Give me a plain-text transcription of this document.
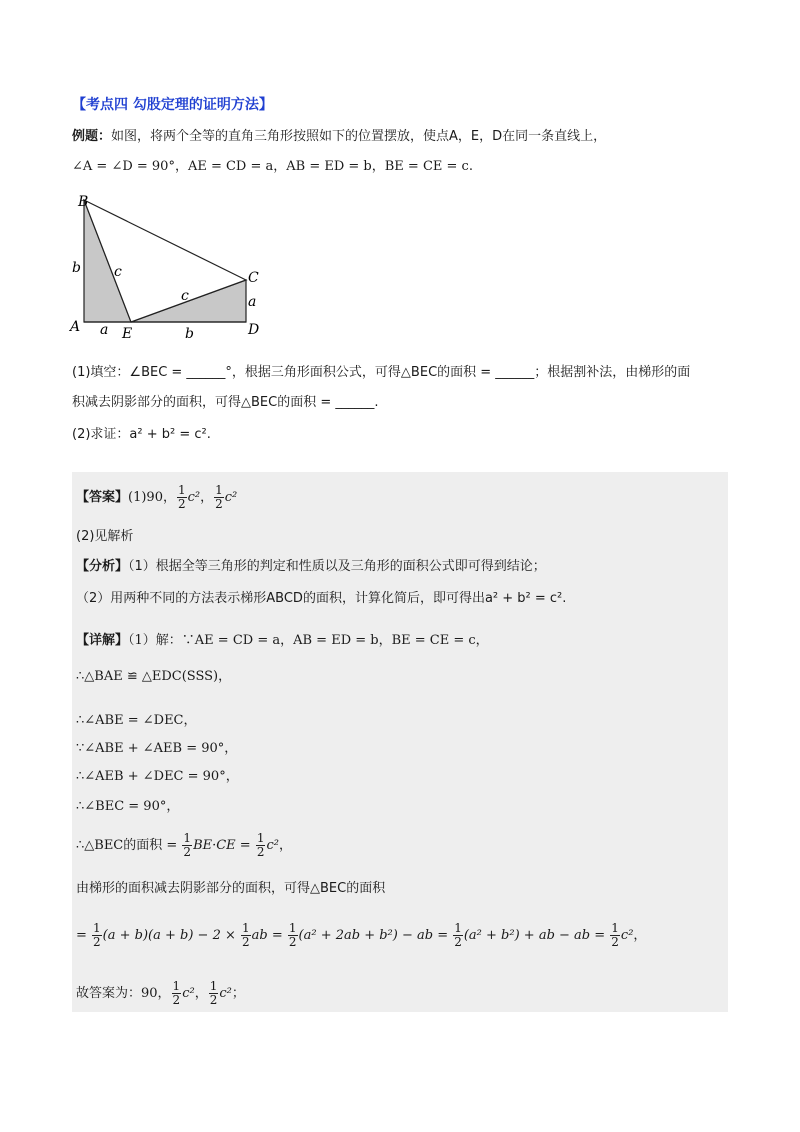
【考点四 勾股定理的证明方法】
例题：如图，将两个全等的直角三角形按照如下的位置摆放，使点A，E，D在同一条直线上，
∠A = ∠D = 90°，AE = CD = a，AB = ED = b，BE = CE = c.
B
C
A	E	D
b c
c
a	b
a
(1)填空：∠BEC = ______°，根据三角形面积公式，可得△BEC的面积 = ______；根据割补法，由梯形的面
积减去阴影部分的面积，可得△BEC的面积 = ______.
(2)求证：a² + b² = c².
【答案】(1)90， $\frac{1}{2} c^2$， $\frac{1}{2} c^2$
(2)见解析
【分析】（1）根据全等三角形的判定和性质以及三角形的面积公式即可得到结论；
（2）用两种不同的方法表示梯形ABCD的面积，计算化简后，即可得出a² + b² = c².
【详解】（1）解：∵AE = CD = a，AB = ED = b，BE = CE = c，
∴△BAE ≌ △EDC(SSS)，
∴∠ABE = ∠DEC，
∵∠ABE + ∠AEB = 90°，
∴∠AEB + ∠DEC = 90°，
∴∠BEC = 90°，
∴△BEC的面积 = $\frac{1}{2} BE\cdot CE = \frac{1}{2} c^2$，
由梯形的面积减去阴影部分的面积，可得△BEC的面积
= $\frac{1}{2} (a + b)(a + b) - 2 \times \frac{1}{2}$ ab = $\frac{1}{2} (a^2 + 2ab + b^2)$ − ab = $\frac{1}{2} (a^2 + b^2)$ + ab − ab = $\frac{1}{2} c^2$，
故答案为：90， $\frac{1}{2} c^2$， $\frac{1}{2} c^2$；
